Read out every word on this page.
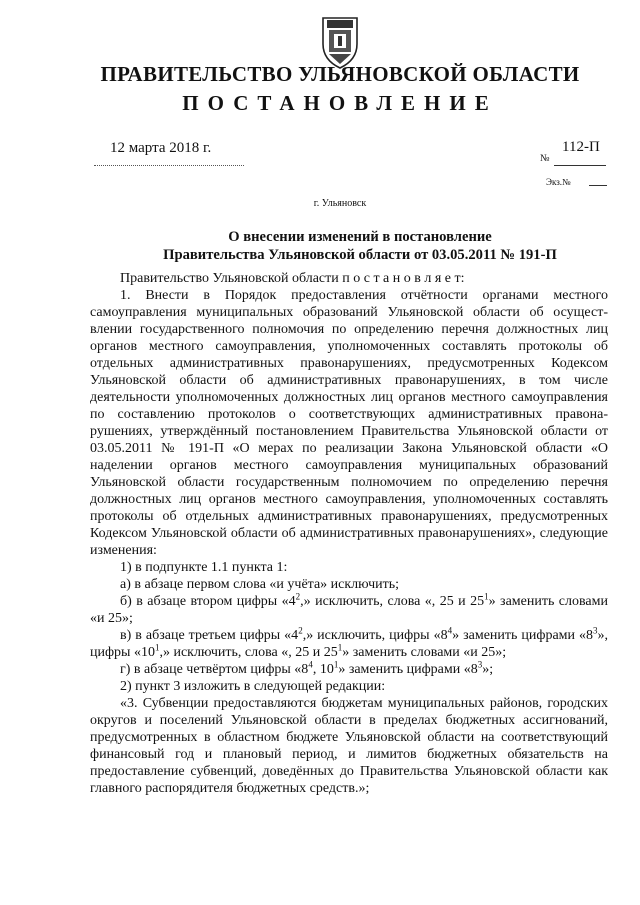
ПРАВИТЕЛЬСТВО УЛЬЯНОВСКОЙ ОБЛАСТИ
ПОСТАНОВЛЕНИЕ
12 марта 2018 г.	112-П
№
Экз.№
г. Ульяновск
О внесении изменений в постановление
Правительства Ульяновской области от 03.05.2011 № 191-П

Правительство Ульяновской области п о с т а н о в л я е т:

1. Внести в Порядок предоставления отчётности органами местного самоуправления муниципальных образований Ульяновской области об осуществлении государственного полномочия по определению перечня должностных лиц органов местного самоуправления, уполномоченных составлять протоколы об отдельных административных правонарушениях, предусмотренных Кодексом Ульяновской области об административных правонарушениях, в том числе деятельности уполномоченных должностных лиц органов местного самоуправления по составлению протоколов о соответствующих административных правонарушениях, утверждённый постановлением Правительства Ульяновской области от 03.05.2011 № 191-П «О мерах по реализации Закона Ульяновской области «О наделении органов местного самоуправления муниципальных образований Ульяновской области государственным полномочием по определению перечня должностных лиц органов местного самоуправления, уполномоченных составлять протоколы об отдельных административных правонарушениях, предусмотренных Кодексом Ульяновской области об административных правонарушениях», следующие изменения:

1) в подпункте 1.1 пункта 1:

а) в абзаце первом слова «и учёта» исключить;

б) в абзаце втором цифры «$4^2$,» исключить, слова «, 25 и $25^1$» заменить словами «и 25»;

в) в абзаце третьем цифры «$4^2$,» исключить, цифры «$8^4$» заменить цифрами «$8^3$», цифры «$10^1$,» исключить, слова «, 25 и $25^1$» заменить словами «и 25»;

г) в абзаце четвёртом цифры «$8^4$, $10^1$» заменить цифрами «$8^3$»;

2) пункт 3 изложить в следующей редакции:

«3. Субвенции предоставляются бюджетам муниципальных районов, городских округов и поселений Ульяновской области в пределах бюджетных ассигнований, предусмотренных в областном бюджете Ульяновской области на соответствующий финансовый год и плановый период, и лимитов бюджетных обязательств на предоставление субвенций, доведённых до Правительства Ульяновской области как главного распорядителя бюджетных средств.»;
